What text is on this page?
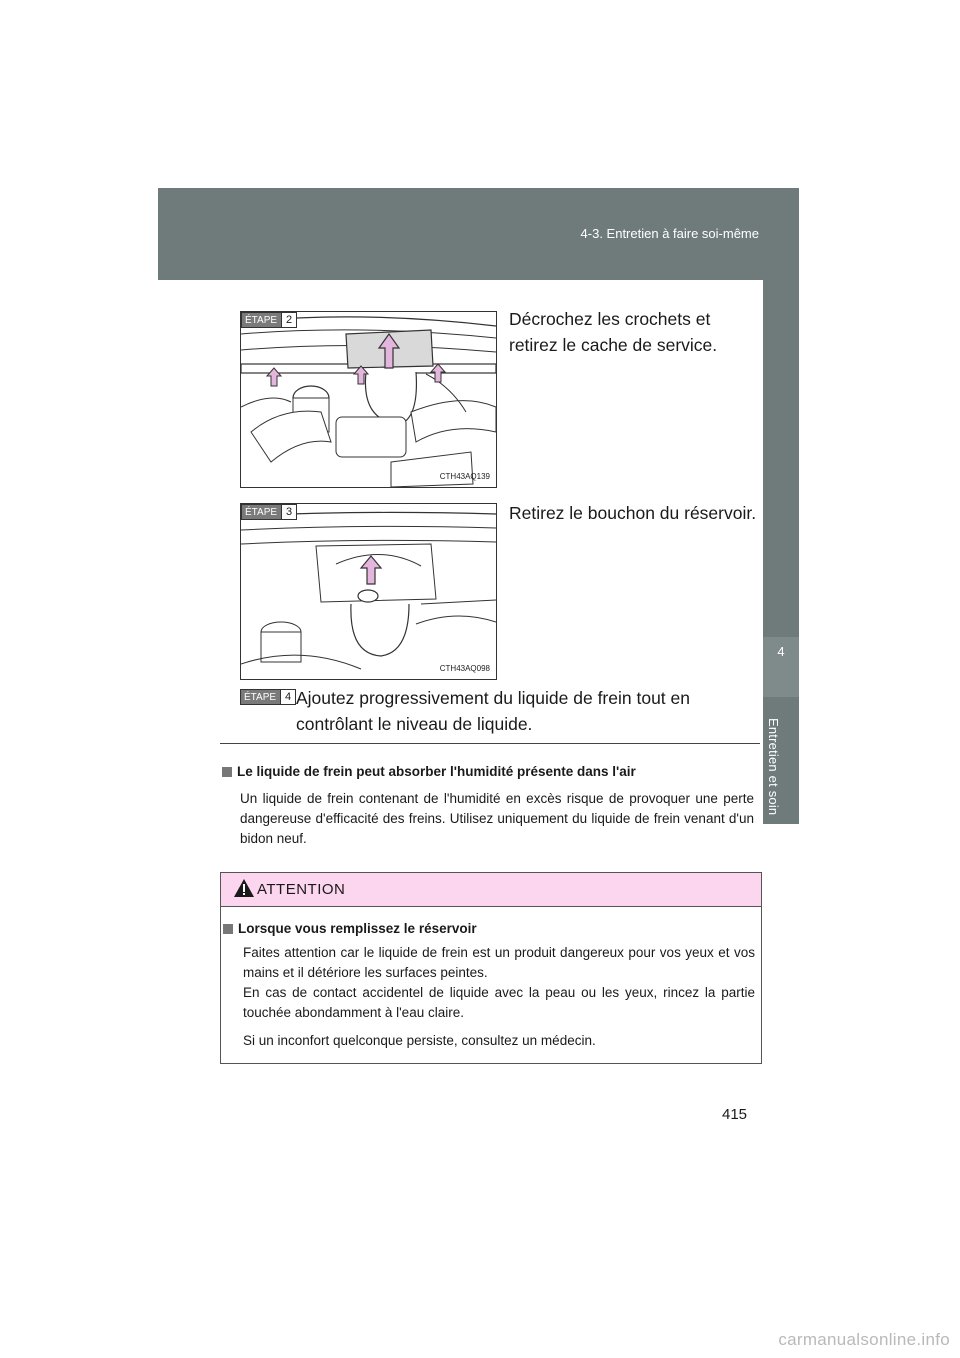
4-3. Entretien à faire soi-même
4
Entretien et soin
ÉTAPE 2
CTH43AQ139
Décrochez les crochets et retirez le cache de service.
ÉTAPE 3
CTH43AQ098
Retirez le bouchon du réservoir.
ÉTAPE 4 Ajoutez progressivement du liquide de frein tout en contrôlant le niveau de liquide.
Le liquide de frein peut absorber l'humidité présente dans l'air
Un liquide de frein contenant de l'humidité en excès risque de provoquer une perte dangereuse d'efficacité des freins. Utilisez uniquement du liquide de frein venant d'un bidon neuf.
ATTENTION
Lorsque vous remplissez le réservoir

Faites attention car le liquide de frein est un produit dangereux pour vos yeux et vos mains et il détériore les surfaces peintes.

En cas de contact accidentel de liquide avec la peau ou les yeux, rincez la partie touchée abondamment à l'eau claire.

Si un inconfort quelconque persiste, consultez un médecin.

415
carmanualsonline.info
